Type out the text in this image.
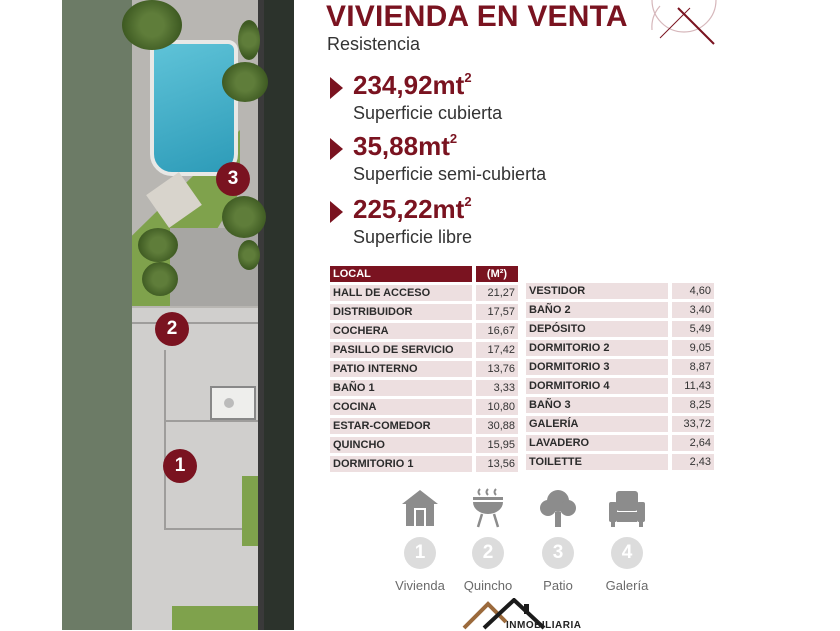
3
2
1
VIVIENDA EN VENTA
Resistencia
$234,92mt^2$
Superficie cubierta
$35,88mt^2$
Superficie semi-cubierta
$225,22mt^2$
Superficie libre
LOCAL	(M²)
HALL DE ACCESO	21,27
DISTRIBUIDOR	17,57
COCHERA	16,67
PASILLO DE SERVICIO	17,42
PATIO INTERNO	13,76
BAÑO 1	3,33
COCINA	10,80
ESTAR-COMEDOR	30,88
QUINCHO	15,95
DORMITORIO 1	13,56
VESTIDOR	4,60
BAÑO 2	3,40
DEPÓSITO	5,49
DORMITORIO 2	9,05
DORMITORIO 3	8,87
DORMITORIO 4	11,43
BAÑO 3	8,25
GALERÍA	33,72
LAVADERO	2,64
TOILETTE	2,43
1
Vivienda
2
Quincho
3
Patio
4
Galería
INMOBILIARIA
